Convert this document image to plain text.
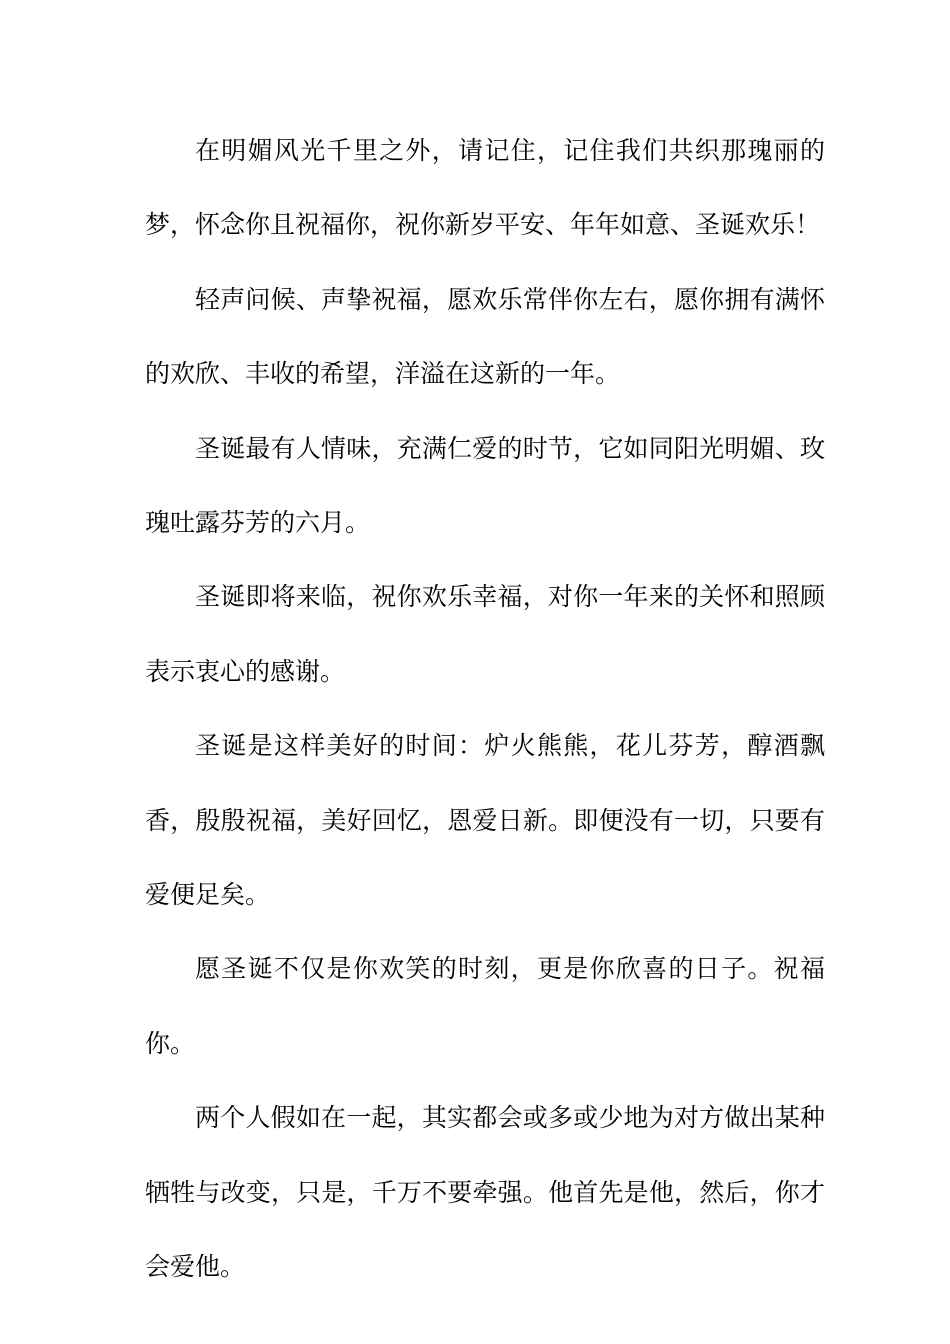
在明媚风光千里之外，请记住，记住我们共织那瑰丽的梦，怀念你且祝福你，祝你新岁平安、年年如意、圣诞欢乐！

轻声问候、声挚祝福，愿欢乐常伴你左右，愿你拥有满怀的欢欣、丰收的希望，洋溢在这新的一年。

圣诞最有人情味，充满仁爱的时节，它如同阳光明媚、玫瑰吐露芬芳的六月。

圣诞即将来临，祝你欢乐幸福，对你一年来的关怀和照顾表示衷心的感谢。

圣诞是这样美好的时间：炉火熊熊，花儿芬芳，醇酒飘香，殷殷祝福，美好回忆，恩爱日新。即便没有一切，只要有爱便足矣。

愿圣诞不仅是你欢笑的时刻，更是你欣喜的日子。祝福你。

两个人假如在一起，其实都会或多或少地为对方做出某种牺牲与改变，只是，千万不要牵强。他首先是他，然后，你才会爱他。
